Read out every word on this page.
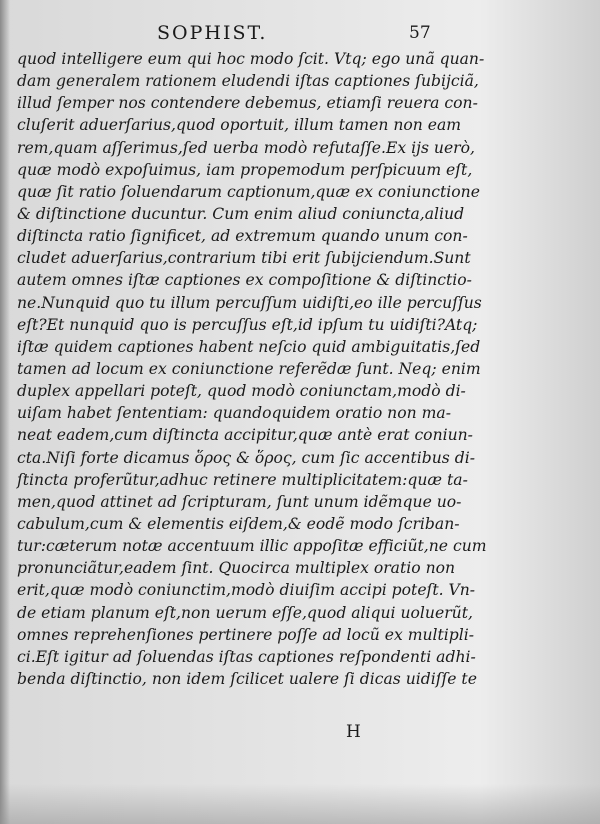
SOPHIST.	57
quod intelligere eum qui hoc modo ſcit. Vtq; ego unã quan-
dam generalem rationem eludendi iſtas captiones ſubijciã,
illud ſemper nos contendere debemus, etiamſi reuera con-
cluſerit aduerſarius,quod oportuit, illum tamen non eam
rem,quam aſſerimus,ſed uerba modò refutaſſe.Ex ijs uerò,
quæ modò expoſuimus, iam propemodum perſpicuum eſt,
quæ ſit ratio ſoluendarum captionum,quæ ex coniunctione
& diſtinctione ducuntur. Cum enim aliud coniuncta,aliud
diſtincta ratio ſignificet, ad extremum quando unum con-
cludet aduerſarius,contrarium tibi erit ſubijciendum.Sunt
autem omnes iſtæ captiones ex compoſitione & diſtinctio-
ne.Nunquid quo tu illum percuſſum uidiſti,eo ille percuſſus
eſt?Et nunquid quo is percuſſus eſt,id ipſum tu uidiſti?Atq;
iſtæ quidem captiones habent neſcio quid ambiguitatis,ſed
tamen ad locum ex coniunctione referẽdæ ſunt. Neq; enim
duplex appellari poteſt, quod modò coniunctam,modò di-
uiſam habet ſententiam: quandoquidem oratio non ma-
neat eadem,cum diſtincta accipitur,quæ antè erat coniun-
cta.Niſi forte dicamus ὅρος & ὅρος, cum ſic accentibus di-
ſtincta proferũtur,adhuc retinere multiplicitatem:quæ ta-
men,quod attinet ad ſcripturam, ſunt unum idẽmque uo-
cabulum,cum & elementis eiſdem,& eodẽ modo ſcriban-
tur:cæterum notæ accentuum illic appoſitæ efficiũt,ne cum
pronunciãtur,eadem ſint. Quocirca multiplex oratio non
erit,quæ modò coniunctim,modò diuiſim accipi poteſt. Vn-
de etiam planum eſt,non uerum eſſe,quod aliqui uoluerũt,
omnes reprehenſiones pertinere poſſe ad locũ ex multipli-
ci.Eſt igitur ad ſoluendas iſtas captiones reſpondenti adhi-
benda diſtinctio, non idem ſcilicet ualere ſi dicas uidiſſe te
H
